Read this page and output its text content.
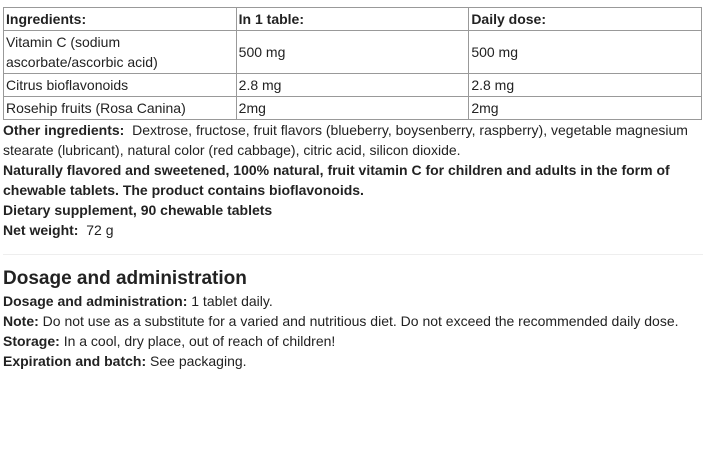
Ingredients:	In 1 table:	Daily dose:
Vitamin C (sodium ascorbate/ascorbic acid)	500 mg	500 mg
Citrus bioflavonoids	2.8 mg	2.8 mg
Rosehip fruits (Rosa Canina)	2mg	2mg

Other ingredients: Dextrose, fructose, fruit flavors (blueberry, boysenberry, raspberry), vegetable magnesium stearate (lubricant), natural color (red cabbage), citric acid, silicon dioxide.

Naturally flavored and sweetened, 100% natural, fruit vitamin C for children and adults in the form of chewable tablets. The product contains bioflavonoids.

Dietary supplement, 90 chewable tablets

Net weight: 72 g

Dosage and administration

Dosage and administration: 1 tablet daily.

Note: Do not use as a substitute for a varied and nutritious diet. Do not exceed the recommended daily dose.

Storage: In a cool, dry place, out of reach of children!

Expiration and batch: See packaging.
